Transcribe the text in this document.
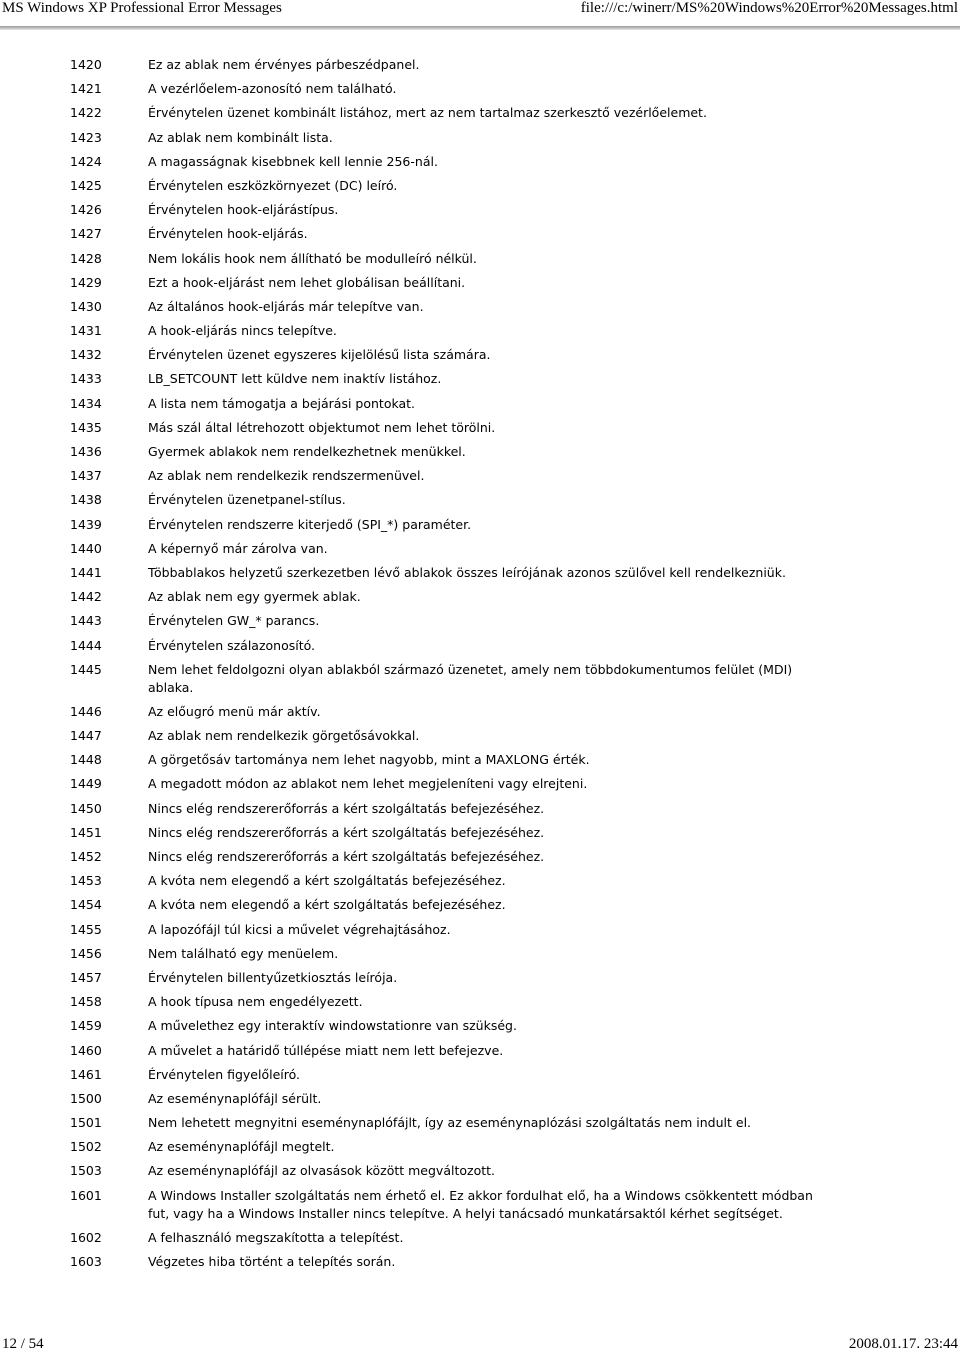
MS Windows XP Professional Error Messages	file:///c:/winerr/MS%20Windows%20Error%20Messages.html
1420	Ez az ablak nem érvényes párbeszédpanel.
1421	A vezérlőelem-azonosító nem található.
1422	Érvénytelen üzenet kombinált listához, mert az nem tartalmaz szerkesztő vezérlőelemet.
1423	Az ablak nem kombinált lista.
1424	A magasságnak kisebbnek kell lennie 256-nál.
1425	Érvénytelen eszközkörnyezet (DC) leíró.
1426	Érvénytelen hook-eljárástípus.
1427	Érvénytelen hook-eljárás.
1428	Nem lokális hook nem állítható be modulleíró nélkül.
1429	Ezt a hook-eljárást nem lehet globálisan beállítani.
1430	Az általános hook-eljárás már telepítve van.
1431	A hook-eljárás nincs telepítve.
1432	Érvénytelen üzenet egyszeres kijelölésű lista számára.
1433	LB_SETCOUNT lett küldve nem inaktív listához.
1434	A lista nem támogatja a bejárási pontokat.
1435	Más szál által létrehozott objektumot nem lehet törölni.
1436	Gyermek ablakok nem rendelkezhetnek menükkel.
1437	Az ablak nem rendelkezik rendszermenüvel.
1438	Érvénytelen üzenetpanel-stílus.
1439	Érvénytelen rendszerre kiterjedő (SPI_*) paraméter.
1440	A képernyő már zárolva van.
1441	Többablakos helyzetű szerkezetben lévő ablakok összes leírójának azonos szülővel kell rendelkezniük.
1442	Az ablak nem egy gyermek ablak.
1443	Érvénytelen GW_* parancs.
1444	Érvénytelen szálazonosító.
1445	Nem lehet feldolgozni olyan ablakból származó üzenetet, amely nem többdokumentumos felület (MDI) ablaka.
1446	Az előugró menü már aktív.
1447	Az ablak nem rendelkezik görgetősávokkal.
1448	A görgetősáv tartománya nem lehet nagyobb, mint a MAXLONG érték.
1449	A megadott módon az ablakot nem lehet megjeleníteni vagy elrejteni.
1450	Nincs elég rendszererőforrás a kért szolgáltatás befejezéséhez.
1451	Nincs elég rendszererőforrás a kért szolgáltatás befejezéséhez.
1452	Nincs elég rendszererőforrás a kért szolgáltatás befejezéséhez.
1453	A kvóta nem elegendő a kért szolgáltatás befejezéséhez.
1454	A kvóta nem elegendő a kért szolgáltatás befejezéséhez.
1455	A lapozófájl túl kicsi a művelet végrehajtásához.
1456	Nem található egy menüelem.
1457	Érvénytelen billentyűzetkiosztás leírója.
1458	A hook típusa nem engedélyezett.
1459	A művelethez egy interaktív windowstationre van szükség.
1460	A művelet a határidő túllépése miatt nem lett befejezve.
1461	Érvénytelen figyelőleíró.
1500	Az eseménynaplófájl sérült.
1501	Nem lehetett megnyitni eseménynaplófájlt, így az eseménynaplózási szolgáltatás nem indult el.
1502	Az eseménynaplófájl megtelt.
1503	Az eseménynaplófájl az olvasások között megváltozott.
1601	A Windows Installer szolgáltatás nem érhető el. Ez akkor fordulhat elő, ha a Windows csökkentett módban fut, vagy ha a Windows Installer nincs telepítve. A helyi tanácsadó munkatársaktól kérhet segítséget.
1602	A felhasználó megszakította a telepítést.
1603	Végzetes hiba történt a telepítés során.
12 / 54	2008.01.17. 23:44
